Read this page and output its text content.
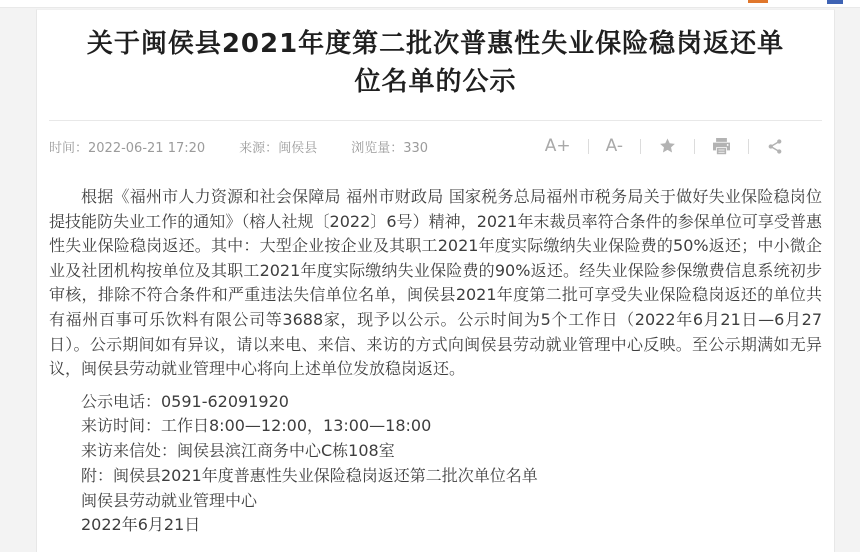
关于闽侯县2021年度第二批次普惠性失业保险稳岗返还单位名单的公示
时间：2022-06-21 17:20	来源：闽侯县	浏览量：330	A+ A-

根据《福州市人力资源和社会保障局 福州市财政局 国家税务总局福州市税务局关于做好失业保险稳岗位提技能防失业工作的通知》（榕人社规〔2022〕6号）精神，2021年末裁员率符合条件的参保单位可享受普惠性失业保险稳岗返还。其中：大型企业按企业及其职工2021年度实际缴纳失业保险费的50%返还；中小微企业及社团机构按单位及其职工2021年度实际缴纳失业保险费的90%返还。经失业保险参保缴费信息系统初步审核，排除不符合条件和严重违法失信单位名单，闽侯县2021年度第二批可享受失业保险稳岗返还的单位共有福州百事可乐饮料有限公司等3688家，现予以公示。公示时间为5个工作日（2022年6月21日—6月27日）。公示期间如有异议，请以来电、来信、来访的方式向闽侯县劳动就业管理中心反映。至公示期满如无异议，闽侯县劳动就业管理中心将向上述单位发放稳岗返还。

公示电话：0591-62091920

来访时间：工作日8:00—12:00，13:00—18:00

来访来信处：闽侯县滨江商务中心C栋108室

附：闽侯县2021年度普惠性失业保险稳岗返还第二批次单位名单

闽侯县劳动就业管理中心

2022年6月21日
